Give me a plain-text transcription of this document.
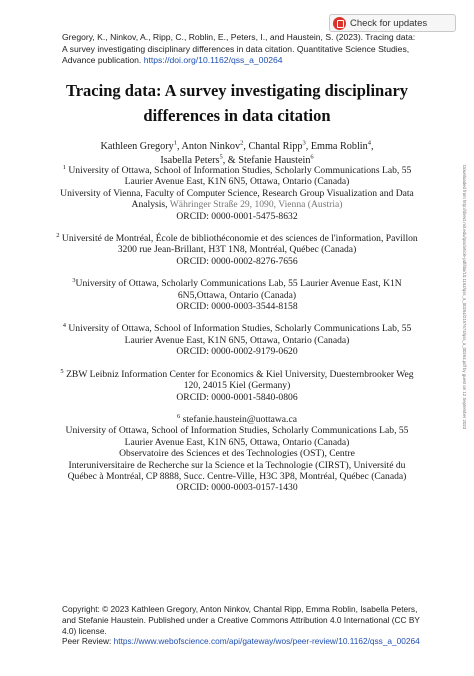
Check for updates
Gregory, K., Ninkov, A., Ripp, C., Roblin, E., Peters, I., and Haustein, S. (2023). Tracing data: A survey investigating disciplinary differences in data citation. Quantitative Science Studies, Advance publication. https://doi.org/10.1162/qss_a_00264
Tracing data: A survey investigating disciplinary
differences in data citation
Kathleen Gregory$^1$, Anton Ninkov$^2$, Chantal Ripp$^3$, Emma Roblin$^4$,
Isabella Peters$^5$, & Stefanie Haustein$^6$
$^1$ University of Ottawa, School of Information Studies, Scholarly Communications Lab, 55
Laurier Avenue East, K1N 6N5, Ottawa, Ontario (Canada)
University of Vienna, Faculty of Computer Science, Research Group Visualization and Data
Analysis, Währinger Straße 29, 1090, Vienna (Austria)
ORCID: 0000-0001-5475-8632
$^2$ Université de Montréal, École de bibliothéconomie et des sciences de l'information, Pavillon
3200 rue Jean-Brillant, H3T 1N8, Montréal, Québec (Canada)
ORCID: 0000-0002-8276-7656
$^3$University of Ottawa, Scholarly Communications Lab, 55 Laurier Avenue East, K1N
6N5,Ottawa, Ontario (Canada)
ORCID: 0000-0003-3544-8158
$^4$ University of Ottawa, School of Information Studies, Scholarly Communications Lab, 55
Laurier Avenue East, K1N 6N5, Ottawa, Ontario (Canada)
ORCID: 0000-0002-9179-0620
$^5$ ZBW Leibniz Information Center for Economics & Kiel University, Duesternbrooker Weg
120, 24015 Kiel (Germany)
ORCID: 0000-0001-5840-0806
$^6$ stefanie.haustein@uottawa.ca
University of Ottawa, School of Information Studies, Scholarly Communications Lab, 55
Laurier Avenue East, K1N 6N5, Ottawa, Ontario (Canada)
Observatoire des Sciences et des Technologies (OST), Centre
Interuniversitaire de Recherche sur la Science et la Technologie (CIRST), Université du
Québec à Montréal, CP 8888, Succ. Centre-Ville, H3C 3P8, Montréal, Québec (Canada)
ORCID: 0000-0003-0157-1430
Downloaded from http://direct.mit.edu/qss/article-pdf/doi/10.1162/qss_a_00264/2157674/qss_a_00264.pdf by guest on 12 September 2023
Copyright: © 2023 Kathleen Gregory, Anton Ninkov, Chantal Ripp, Emma Roblin, Isabella Peters, and Stefanie Haustein. Published under a Creative Commons Attribution 4.0 International (CC BY 4.0) license.
Peer Review: https://www.webofscience.com/api/gateway/wos/peer-review/10.1162/qss_a_00264
